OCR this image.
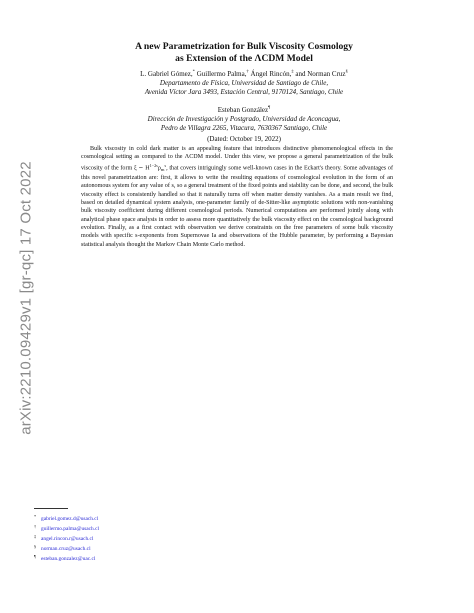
arXiv:2210.09429v1 [gr-qc] 17 Oct 2022
A new Parametrization for Bulk Viscosity Cosmology
as Extension of the ΛCDM Model
L. Gabriel Gómez,* Guillermo Palma,† Ángel Rincón,‡ and Norman Cruz§
Departamento de Física, Universidad de Santiago de Chile,
Avenida Víctor Jara 3493, Estación Central, 9170124, Santiago, Chile
Esteban González¶
Dirección de Investigación y Postgrado, Universidad de Aconcagua,
Pedro de Villagra 2265, Vitacura, 7630367 Santiago, Chile
(Dated: October 19, 2022)
Bulk viscosity in cold dark matter is an appealing feature that introduces distinctive phenomenological effects in the cosmological setting as compared to the ΛCDM model. Under this view, we propose a general parametrization of the bulk viscosity of the form ξ ∼ $H^{1-2s}\rho_m^s$, that covers intriguingly some well-known cases in the Eckart's theory. Some advantages of this novel parametrization are: first, it allows to write the resulting equations of cosmological evolution in the form of an autonomous system for any value of s, so a general treatment of the fixed points and stability can be done, and second, the bulk viscosity effect is consistently handled so that it naturally turns off when matter density vanishes. As a main result we find, based on detailed dynamical system analysis, one-parameter family of de-Sitter-like asymptotic solutions with non-vanishing bulk viscosity coefficient during different cosmological periods. Numerical computations are performed jointly along with analytical phase space analysis in order to assess more quantitatively the bulk viscosity effect on the cosmological background evolution. Finally, as a first contact with observation we derive constraints on the free parameters of some bulk viscosity models with specific s-exponents from Supernovae Ia and observations of the Hubble parameter, by performing a Bayesian statistical analysis thought the Markov Chain Monte Carlo method.
* gabriel.gomez.d@usach.cl
† guillermo.palma@usach.cl
‡ angel.rincon.r@usach.cl
§ norman.cruz@usach.cl
¶ esteban.gonzalez@uac.cl
